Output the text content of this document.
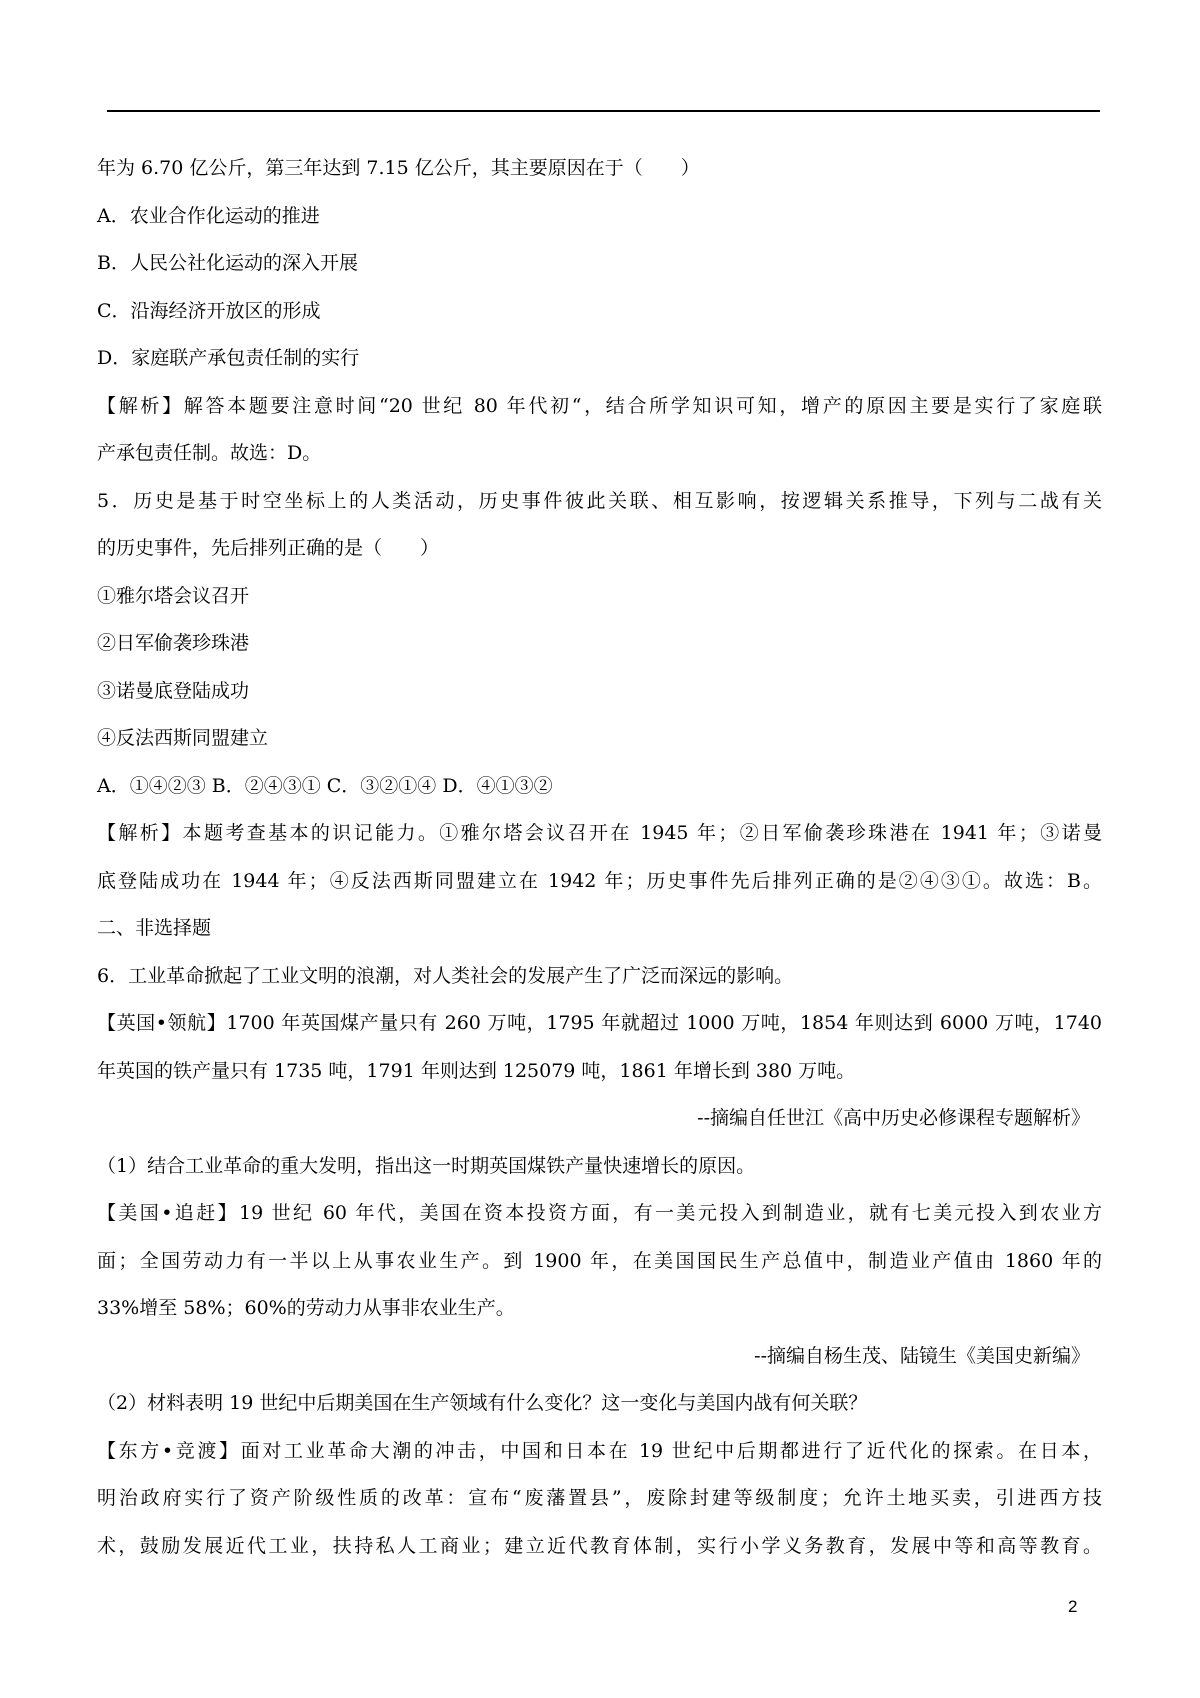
年为 6.70 亿公斤，第三年达到 7.15 亿公斤，其主要原因在于（　　）
A．农业合作化运动的推进
B．人民公社化运动的深入开展
C．沿海经济开放区的形成
D．家庭联产承包责任制的实行
【解析】解答本题要注意时间“20 世纪 80 年代初“，结合所学知识可知，增产的原因主要是实行了家庭联
产承包责任制。故选：D。
5．历史是基于时空坐标上的人类活动，历史事件彼此关联、相互影响，按逻辑关系推导，下列与二战有关
的历史事件，先后排列正确的是（　　）
①雅尔塔会议召开
②日军偷袭珍珠港
③诺曼底登陆成功
④反法西斯同盟建立
A．①④②③ B．②④③① C．③②①④ D．④①③②
【解析】本题考查基本的识记能力。①雅尔塔会议召开在 1945 年；②日军偷袭珍珠港在 1941 年；③诺曼
底登陆成功在 1944 年；④反法西斯同盟建立在 1942 年；历史事件先后排列正确的是②④③①。故选：B。
二、非选择题
6．工业革命掀起了工业文明的浪潮，对人类社会的发展产生了广泛而深远的影响。
【英国•领航】1700 年英国煤产量只有 260 万吨，1795 年就超过 1000 万吨，1854 年则达到 6000 万吨，1740
年英国的铁产量只有 1735 吨，1791 年则达到 125079 吨，1861 年增长到 380 万吨。
--摘编自任世江《高中历史必修课程专题解析》
（1）结合工业革命的重大发明，指出这一时期英国煤铁产量快速增长的原因。
【美国•追赶】19 世纪 60 年代，美国在资本投资方面，有一美元投入到制造业，就有七美元投入到农业方
面；全国劳动力有一半以上从事农业生产。到 1900 年，在美国国民生产总值中，制造业产值由 1860 年的
33%增至 58%；60%的劳动力从事非农业生产。
--摘编自杨生茂、陆镜生《美国史新编》
（2）材料表明 19 世纪中后期美国在生产领域有什么变化？这一变化与美国内战有何关联？
【东方•竞渡】面对工业革命大潮的冲击，中国和日本在 19 世纪中后期都进行了近代化的探索。在日本，
明治政府实行了资产阶级性质的改革：宣布“废藩置县”，废除封建等级制度；允许土地买卖，引进西方技
术，鼓励发展近代工业，扶持私人工商业；建立近代教育体制，实行小学义务教育，发展中等和高等教育。
2
